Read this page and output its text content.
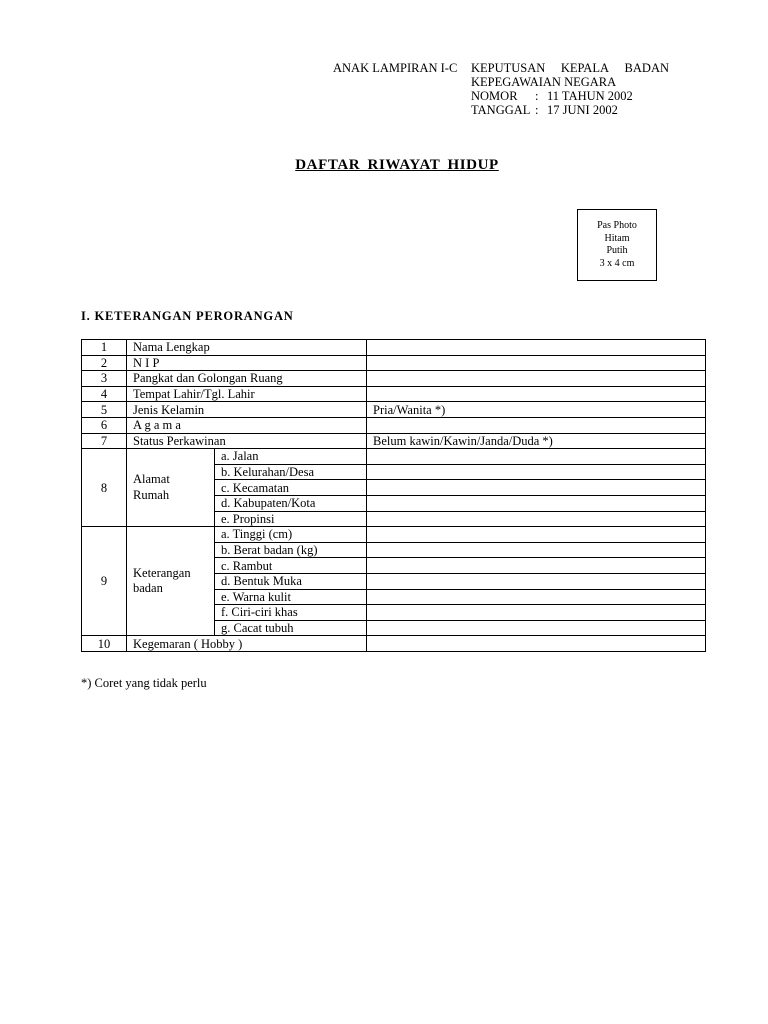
ANAK LAMPIRAN I-C	KEPUTUSAN KEPALA BADAN
KEPEGAWAIAN NEGARA
NOMOR : 11 TAHUN 2002
TANGGAL : 17 JUNI 2002
DAFTAR RIWAYAT HIDUP
Pas Photo
Hitam
Putih
3 x 4 cm
I. KETERANGAN PERORANGAN
1	Nama Lengkap		
2	N I P		
3	Pangkat dan Golongan Ruang		
4	Tempat Lahir/Tgl. Lahir		
5	Jenis Kelamin		Pria/Wanita *)
6	A g a m a		
7	Status Perkawinan		Belum kawin/Kawin/Janda/Duda *)
8	Alamat Rumah	a. Jalan	
		b. Kelurahan/Desa	
		c. Kecamatan	
		d. Kabupaten/Kota	
		e. Propinsi	
9	Keterangan badan	a. Tinggi (cm)	
		b. Berat badan (kg)	
		c. Rambut	
		d. Bentuk Muka	
		e. Warna kulit	
		f. Ciri-ciri khas	
		g. Cacat tubuh	
10	Kegemaran ( Hobby )		
*) Coret yang tidak perlu
